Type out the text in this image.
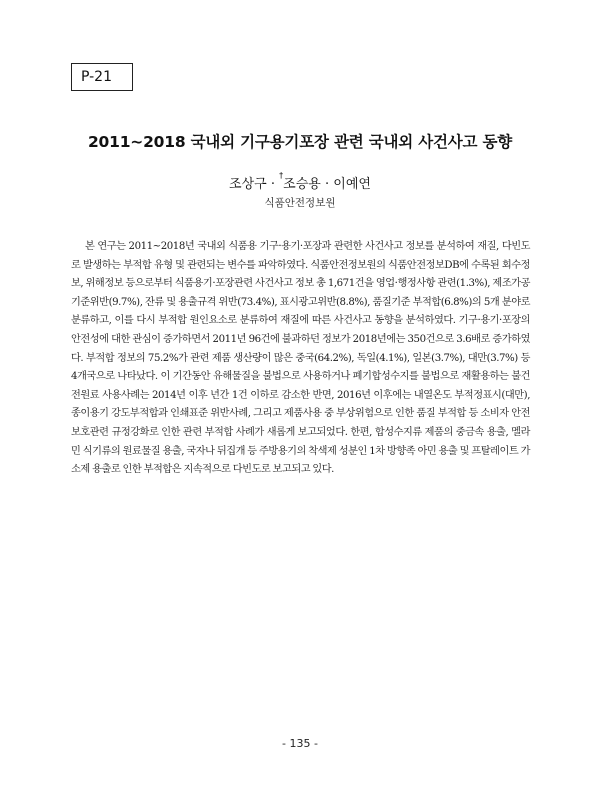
P-21
2011~2018 국내외 기구용기포장 관련 국내외 사건사고 동향
조상구 · †조승용 · 이예연
식품안전정보원

본 연구는 2011~2018년 국내외 식품용 기구·용기·포장과 관련한 사건사고 정보를 분석하여 재질, 다빈도로 발생하는 부적합 유형 및 관련되는 변수를 파악하였다. 식품안전정보원의 식품안전정보DB에 수록된 회수정보, 위해정보 등으로부터 식품용기·포장관련 사건사고 정보 총 1,671건을 영업·행정사항 관련(1.3%), 제조가공기준위반(9.7%), 잔류 및 용출규격 위반(73.4%), 표시광고위반(8.8%), 품질기준 부적합(6.8%)의 5개 분야로 분류하고, 이를 다시 부적합 원인요소로 분류하여 재질에 따른 사건사고 동향을 분석하였다. 기구·용기·포장의 안전성에 대한 관심이 증가하면서 2011년 96건에 불과하던 정보가 2018년에는 350건으로 3.6배로 증가하였다. 부적합 정보의 75.2%가 관련 제품 생산량이 많은 중국(64.2%), 독일(4.1%), 일본(3.7%), 대만(3.7%) 등 4개국으로 나타났다. 이 기간동안 유해물질을 불법으로 사용하거나 폐기합성수지를 불법으로 재활용하는 불건전원료 사용사례는 2014년 이후 년간 1건 이하로 감소한 반면, 2016년 이후에는 내열온도 부적정표시(대만), 종이용기 강도부적합과 인쇄표준 위반사례, 그리고 제품사용 중 부상위험으로 인한 품질 부적합 등 소비자 안전보호관련 규정강화로 인한 관련 부적합 사례가 새롭게 보고되었다. 한편, 합성수지류 제품의 중금속 용출, 멜라민 식기류의 원료물질 용출, 국자나 뒤집개 등 주방용기의 착색제 성분인 1차 방향족 아민 용출 및 프탈레이트 가소제 용출로 인한 부적합은 지속적으로 다빈도로 보고되고 있다.

- 135 -
